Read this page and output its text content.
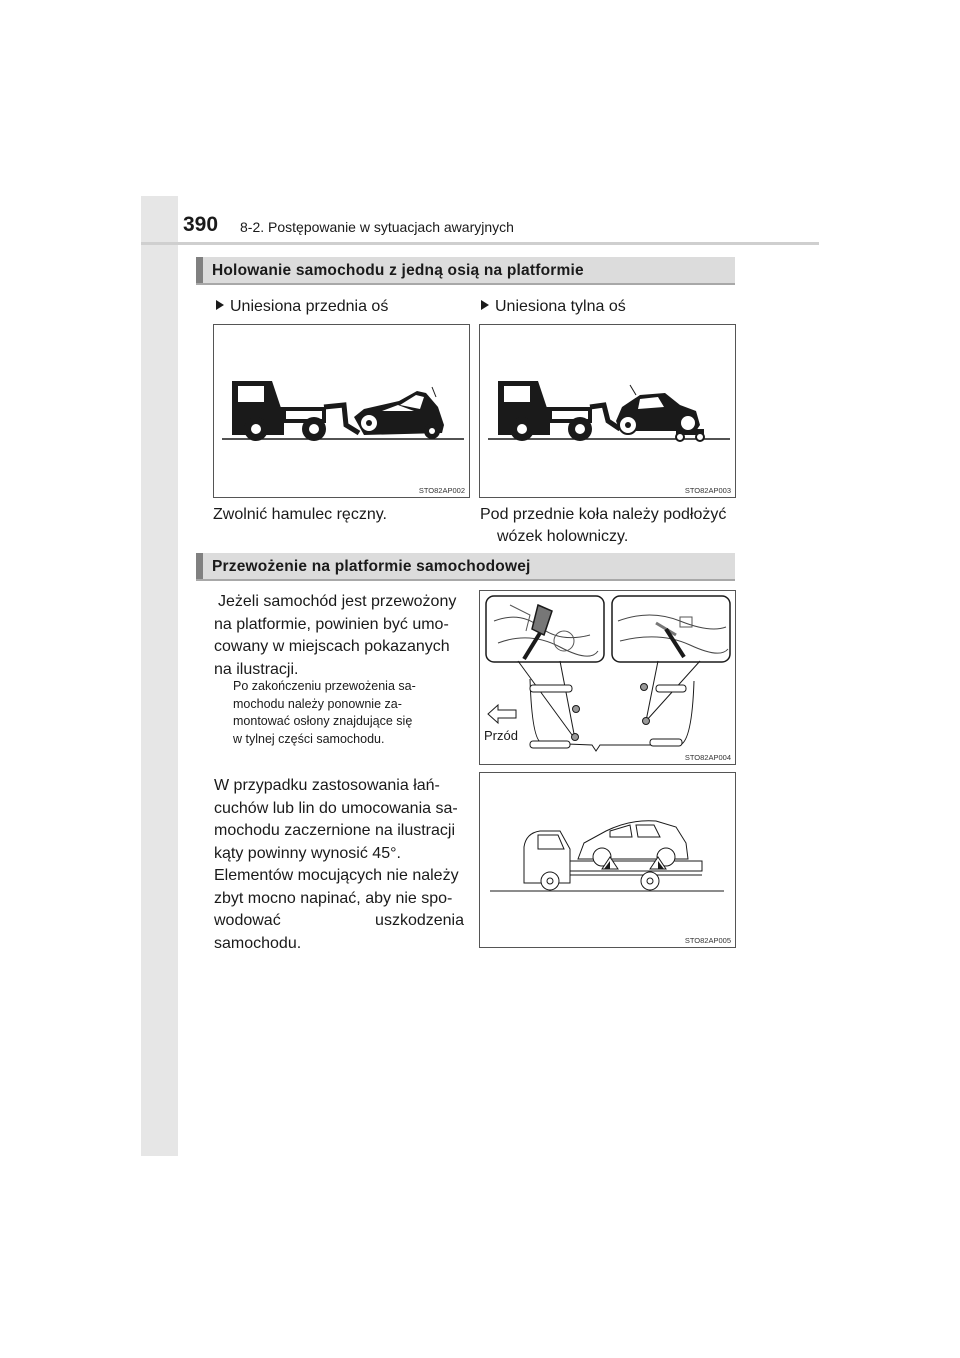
390 8-2. Postępowanie w sytuacjach awaryjnych
Holowanie samochodu z jedną osią na platformie
Uniesiona przednia oś	Uniesiona tylna oś
STO82AP002	STO82AP003
Zwolnić hamulec ręczny.	Pod przednie koła należy podłożyć
wózek holowniczy.
Przewożenie na platformie samochodowej
Jeżeli samochód jest przewożony
na platformie, powinien być umo-
cowany w miejscach pokazanych
na ilustracji.
Po zakończeniu przewożenia sa-
mochodu należy ponownie za-
montować osłony znajdujące się
w tylnej części samochodu.
W przypadku zastosowania łań-
cuchów lub lin do umocowania sa-
mochodu zaczernione na ilustracji
kąty powinny wynosić 45°.
Elementów mocujących nie należy
zbyt mocno napinać, aby nie spo-
wodować uszkodzenia samochodu.
Przód
STO82AP004
STO82AP005
